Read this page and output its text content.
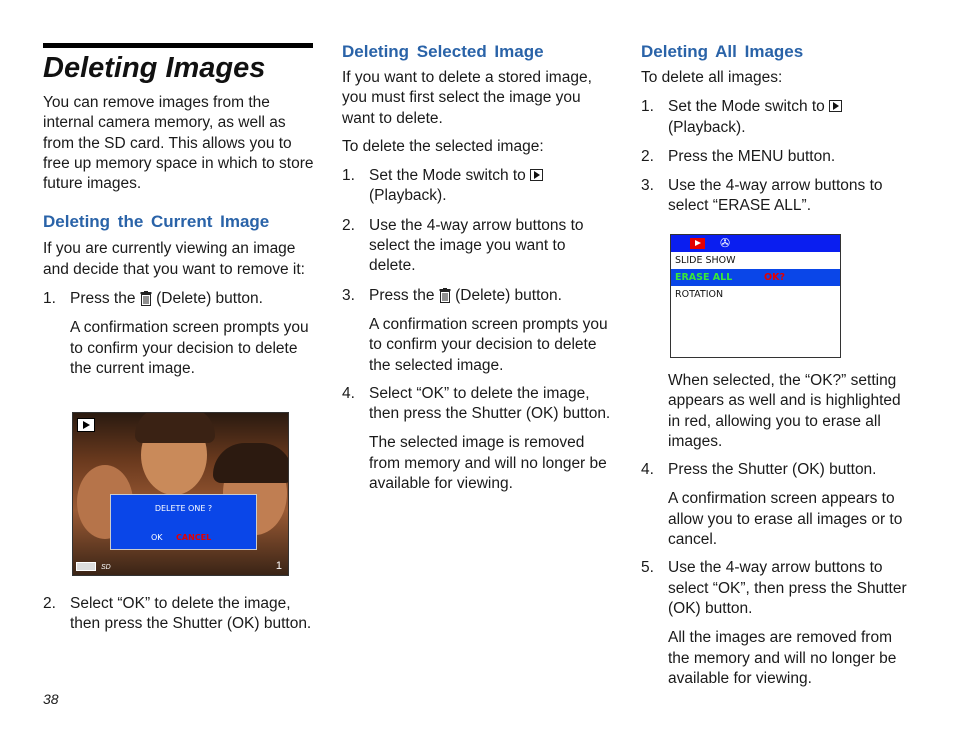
Deleting Images

You can remove images from the internal camera memory, as well as from the SD card. This allows you to free up memory space in which to store future images.

Deleting the Current Image

If you are currently viewing an image and decide that you want to remove it:

1. Press the (Delete) button.

A confirmation screen prompts you to confirm your decision to delete the current image.

DELETE ONE ?
OK CANCEL
SD	1
2. Select “OK” to delete the image, then press the Shutter (OK) button.
Deleting Selected Image

If you want to delete a stored image, you must first select the image you want to delete.

To delete the selected image:

1. Set the Mode switch to  (Playback).
2. Use the 4-way arrow buttons to select the image you want to delete.
3. Press the (Delete) button.

A confirmation screen prompts you to confirm your decision to delete the selected image.

4. Select “OK” to delete the image, then press the Shutter (OK) button.

The selected image is removed from memory and will no longer be available for viewing.

Deleting All Images

To delete all images:

1. Set the Mode switch to  (Playback).
2. Press the MENU button.
3. Use the 4-way arrow buttons to select “ERASE ALL”.
✇
SLIDE SHOW
ERASE ALL	OK?
ROTATION

When selected, the “OK?” setting appears as well and is highlighted in red, allowing you to erase all images.

4. Press the Shutter (OK) button.

A confirmation screen appears to allow you to erase all images or to cancel.

5. Use the 4-way arrow buttons to select “OK”, then press the Shutter (OK) button.

All the images are removed from the memory and will no longer be available for viewing.

38
